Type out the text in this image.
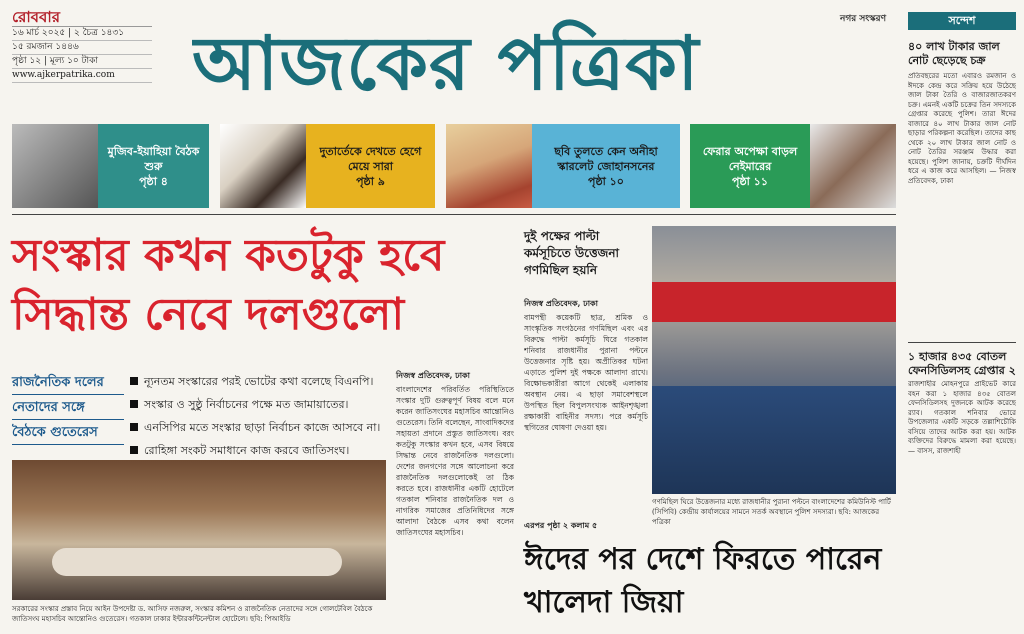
রোববার

১৬ মার্চ ২০২৫ | ২ চৈত্র ১৪৩১
১৫ রমজান ১৪৪৬
পৃষ্ঠা ১২ | মূল্য ১০ টাকা
www.ajkerpatrika.com
নগর সংস্করণ
আজকের পত্রিকা
মুজিব-ইয়াহিয়া বৈঠক শুরু
পৃষ্ঠা ৪
দুতার্তেকে দেখতে হেগে মেয়ে সারা
পৃষ্ঠা ৯
ছবি তুলতে কেন অনীহা স্কারলেট জোহানসনের
পৃষ্ঠা ১০
ফেরার অপেক্ষা বাড়ল নেইমারের
পৃষ্ঠা ১১
সংস্কার কখন কতটুকু হবে সিদ্ধান্ত নেবে দলগুলো
রাজনৈতিক দলের
নেতাদের সঙ্গে
বৈঠকে গুতেরেস
ন্যূনতম সংস্কারের পরই ভোটের কথা বলেছে বিএনপি।
সংস্কার ও সুষ্ঠু নির্বাচনের পক্ষে মত জামায়াতের।
এনসিপির মতে সংস্কার ছাড়া নির্বাচন কাজে আসবে না।
রোহিঙ্গা সংকট সমাধানে কাজ করবে জাতিসংঘ।

সরকারের সংস্কার প্রস্তাব নিয়ে আইন উপদেষ্টা ড. আসিফ নজরুল, সংস্কার কমিশন ও রাজনৈতিক নেতাদের সঙ্গে গোলটেবিল বৈঠকে জাতিসংঘ মহাসচিব আন্তোনিও গুতেরেস। গতকাল ঢাকার ইন্টারকন্টিনেন্টাল হোটেলে। ছবি: পিআইডি

নিজস্ব প্রতিবেদক, ঢাকা

বাংলাদেশের পরিবর্তিত পরিস্থিতিতে সংস্কার দুটি গুরুত্বপূর্ণ বিষয় বলে মনে করেন জাতিসংঘের মহাসচিব আন্তোনিও গুতেরেস। তিনি বলেছেন, সাংবাদিকদের সহায়তা প্রদানে প্রস্তুত জাতিসংঘ। বরং কতটুকু সংস্কার কখন হবে, এসব বিষয়ে সিদ্ধান্ত নেবে রাজনৈতিক দলগুলো। দেশের জনগণের সঙ্গে আলোচনা করে রাজনৈতিক দলগুলোকেই তা ঠিক করতে হবে। রাজধানীর একটি হোটেলে গতকাল শনিবার রাজনৈতিক দল ও নাগরিক সমাজের প্রতিনিধিদের সঙ্গে আলাদা বৈঠকে এসব কথা বলেন জাতিসংঘের মহাসচিব।

দুই পক্ষের পাল্টা কর্মসূচিতে উত্তেজনা গণমিছিল হয়নি

নিজস্ব প্রতিবেদক, ঢাকা

বামপন্থী কয়েকটি ছাত্র, শ্রমিক ও সাংস্কৃতিক সংগঠনের গণমিছিল এবং এর বিরুদ্ধে পাল্টা কর্মসূচি ঘিরে গতকাল শনিবার রাজধানীর পুরানা পল্টনে উত্তেজনার সৃষ্টি হয়। অপ্রীতিকর ঘটনা এড়াতে পুলিশ দুই পক্ষকে আলাদা রাখে। বিক্ষোভকারীরা আগে থেকেই এলাকায় অবস্থান নেয়। এ ছাড়া সমাবেশস্থলে উপস্থিত ছিল বিপুলসংখ্যক আইনশৃঙ্খলা রক্ষাকারী বাহিনীর সদস্য। পরে কর্মসূচি স্থগিতের ঘোষণা দেওয়া হয়।

এরপর পৃষ্ঠা ২ কলাম ৫

গণমিছিল ঘিরে উত্তেজনার মধ্যে রাজধানীর পুরানা পল্টনে বাংলাদেশের কমিউনিস্ট পার্টি (সিপিবি) কেন্দ্রীয় কার্যালয়ের সামনে সতর্ক অবস্থানে পুলিশ সদস্যরা। ছবি: আজকের পত্রিকা

ঈদের পর দেশে ফিরতে পারেন খালেদা জিয়া
সন্দেশ
৪০ লাখ টাকার জাল নোট ছেড়েছে চক্র

প্রতিবছরের মতো এবারও রমজান ও ঈদকে কেন্দ্র করে সক্রিয় হয়ে উঠেছে জাল টাকা তৈরি ও বাজারজাতকরণ চক্র। এমনই একটি চক্রের তিন সদস্যকে গ্রেপ্তার করেছে পুলিশ। তারা ঈদের বাজারে ৪০ লাখ টাকার জাল নোট ছাড়ার পরিকল্পনা করেছিল। তাদের কাছ থেকে ২০ লাখ টাকার জাল নোট ও নোট তৈরির সরঞ্জাম উদ্ধার করা হয়েছে। পুলিশ জানায়, চক্রটি দীর্ঘদিন ধরে এ কাজ করে আসছিল। — নিজস্ব প্রতিবেদক, ঢাকা

১ হাজার ৪৩৫ বোতল ফেনসিডিলসহ গ্রেপ্তার ২

রাজশাহীর মোহনপুরে প্রাইভেট কারে বহন করা ১ হাজার ৪৩৫ বোতল ফেনসিডিলসহ দুজনকে আটক করেছে র‍্যাব। গতকাল শনিবার ভোরে উপজেলার একটি সড়কে তল্লাশিচৌকি বসিয়ে তাদের আটক করা হয়। আটক ব্যক্তিদের বিরুদ্ধে মামলা করা হয়েছে। — বাসস, রাজশাহী
